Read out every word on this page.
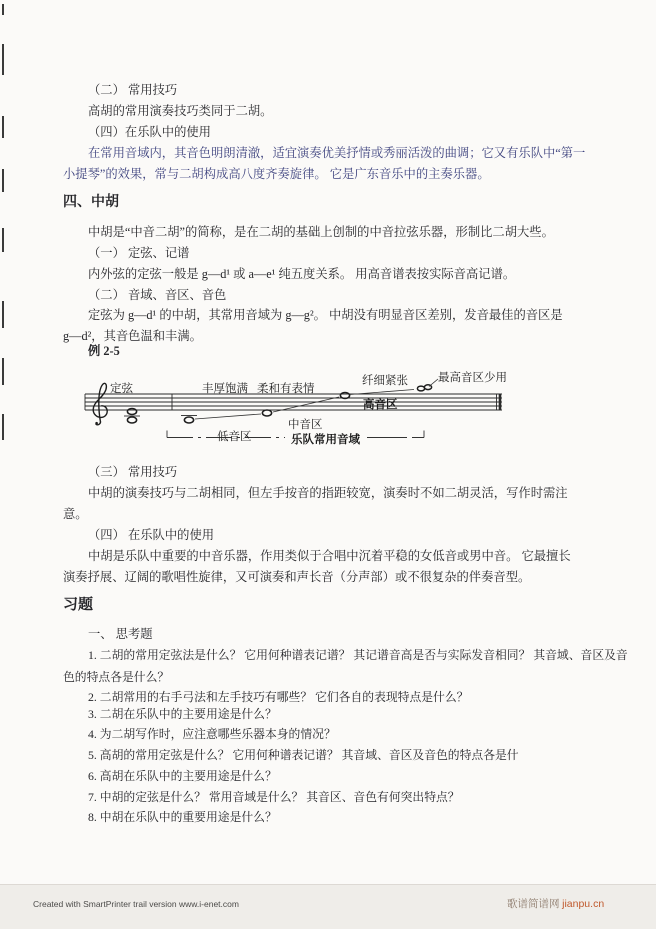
（二） 常用技巧
高胡的常用演奏技巧类同于二胡。
（四）在乐队中的使用
在常用音域内，其音色明朗清澈，适宜演奏优美抒情或秀丽活泼的曲调；它又有乐队中“第一
小提琴”的效果，常与二胡构成高八度齐奏旋律。 它是广东音乐中的主奏乐器。
四、中胡
中胡是“中音二胡”的简称，是在二胡的基础上创制的中音拉弦乐器，形制比二胡大些。
（一） 定弦、记谱
内外弦的定弦一般是 g—d¹ 或 a—e¹ 纯五度关系。 用高音谱表按实际音高记谱。
（二） 音域、音区、音色
定弦为 g—d¹ 的中胡，其常用音域为 g—g²。 中胡没有明显音区差别，发音最佳的音区是
g—d²，其音色温和丰满。
例 2-5
定弦	丰厚饱满 柔和有表情
纤细紧张	最高音区少用
低音区
中音区
高音区
乐队常用音域
（三） 常用技巧
中胡的演奏技巧与二胡相同，但左手按音的指距较宽，演奏时不如二胡灵活，写作时需注
意。
（四） 在乐队中的使用
中胡是乐队中重要的中音乐器，作用类似于合唱中沉着平稳的女低音或男中音。 它最擅长
演奏抒展、辽阔的歌唱性旋律，又可演奏和声长音（分声部）或不很复杂的伴奏音型。
习题
一、 思考题
1. 二胡的常用定弦法是什么？ 它用何种谱表记谱？ 其记谱音高是否与实际发音相同？ 其音域、音区及音
色的特点各是什么？
2. 二胡常用的右手弓法和左手技巧有哪些？ 它们各自的表现特点是什么？
3. 二胡在乐队中的主要用途是什么？
4. 为二胡写作时，应注意哪些乐器本身的情况？
5. 高胡的常用定弦是什么？ 它用何种谱表记谱？ 其音域、音区及音色的特点各是什
6. 高胡在乐队中的主要用途是什么？
7. 中胡的定弦是什么？ 常用音域是什么？ 其音区、音色有何突出特点？
8. 中胡在乐队中的重要用途是什么？
Created with SmartPrinter trail version www.i-enet.com	歌谱简谱网 jianpu.cn
